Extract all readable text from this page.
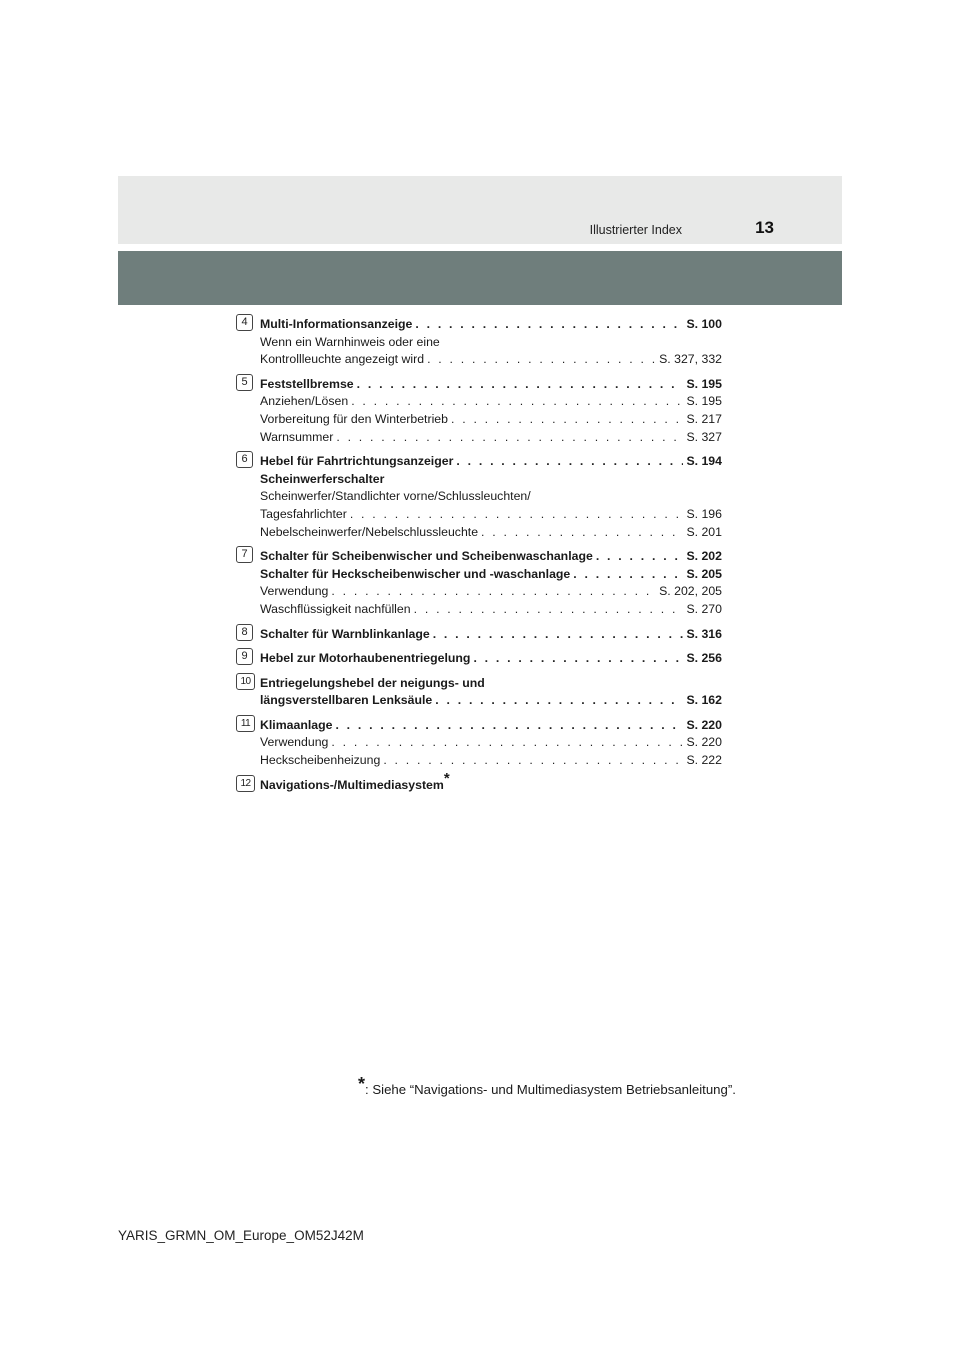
Illustrierter Index	13
4	Multi-Informationsanzeige . . .	S. 100
Wenn ein Warnhinweis oder eine
Kontrollleuchte angezeigt wird . . .	S. 327, 332
5	Feststellbremse . . .	S. 195
Anziehen/Lösen . . .	S. 195
Vorbereitung für den Winterbetrieb . . .	S. 217
Warnsummer . . .	S. 327
6	Hebel für Fahrtrichtungsanzeiger . . .	S. 194
Scheinwerferschalter
Scheinwerfer/Standlichter vorne/Schlussleuchten/
Tagesfahrlichter . . .	S. 196
Nebelscheinwerfer/Nebelschlussleuchte . . .	S. 201
7	Schalter für Scheibenwischer und Scheibenwaschanlage . . .	S. 202
Schalter für Heckscheibenwischer und -waschanlage . . .	S. 205
Verwendung . . .	S. 202, 205
Waschflüssigkeit nachfüllen . . .	S. 270
8	Schalter für Warnblinkanlage . . .	S. 316
9	Hebel zur Motorhaubenentriegelung . . .	S. 256
10 Entriegelungshebel der neigungs- und
längsverstellbaren Lenksäule . . .	S. 162
11 Klimaanlage . . .	S. 220
Verwendung . . .	S. 220
Heckscheibenheizung . . .	S. 222
12 Navigations-/Multimediasystem*
*: Siehe “Navigations- und Multimediasystem Betriebsanleitung”.
YARIS_GRMN_OM_Europe_OM52J42M
